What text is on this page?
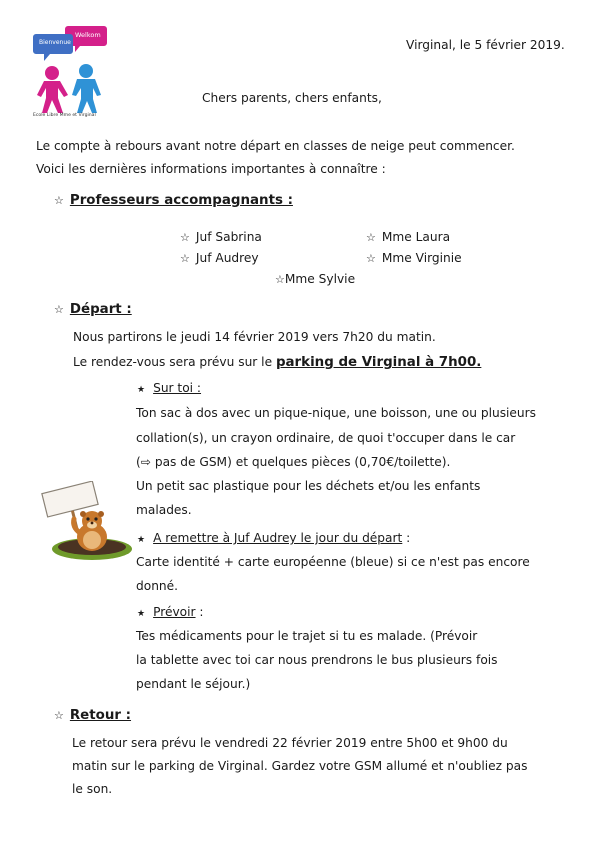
Bienvenue
Welkom
Ecole Libre Mme et Virginal
Virginal, le 5 février 2019.
Chers parents, chers enfants,
Le compte à rebours avant notre départ en classes de neige peut commencer.
Voici les dernières informations importantes à connaître :
☆ Professeurs accompagnants :
☆ Juf Sabrina	☆ Mme Laura
☆ Juf Audrey	☆ Mme Virginie
☆Mme Sylvie
☆ Départ :
Nous partirons le jeudi 14 février 2019 vers 7h20 du matin.
Le rendez-vous sera prévu sur le parking de Virginal à 7h00.
★ Sur toi :
Ton sac à dos avec un pique-nique, une boisson, une ou plusieurs
collation(s), un crayon ordinaire, de quoi t'occuper dans le car
(⇨ pas de GSM) et quelques pièces (0,70€/toilette).
Un petit sac plastique pour les déchets et/ou les enfants
malades.
★ A remettre à Juf Audrey le jour du départ :
Carte identité + carte européenne (bleue) si ce n'est pas encore
donné.
★ Prévoir :
Tes médicaments pour le trajet si tu es malade. (Prévoir
la tablette avec toi car nous prendrons le bus plusieurs fois
pendant le séjour.)
☆ Retour :
Le retour sera prévu le vendredi 22 février 2019 entre 5h00 et 9h00 du
matin sur le parking de Virginal. Gardez votre GSM allumé et n'oubliez pas
le son.
